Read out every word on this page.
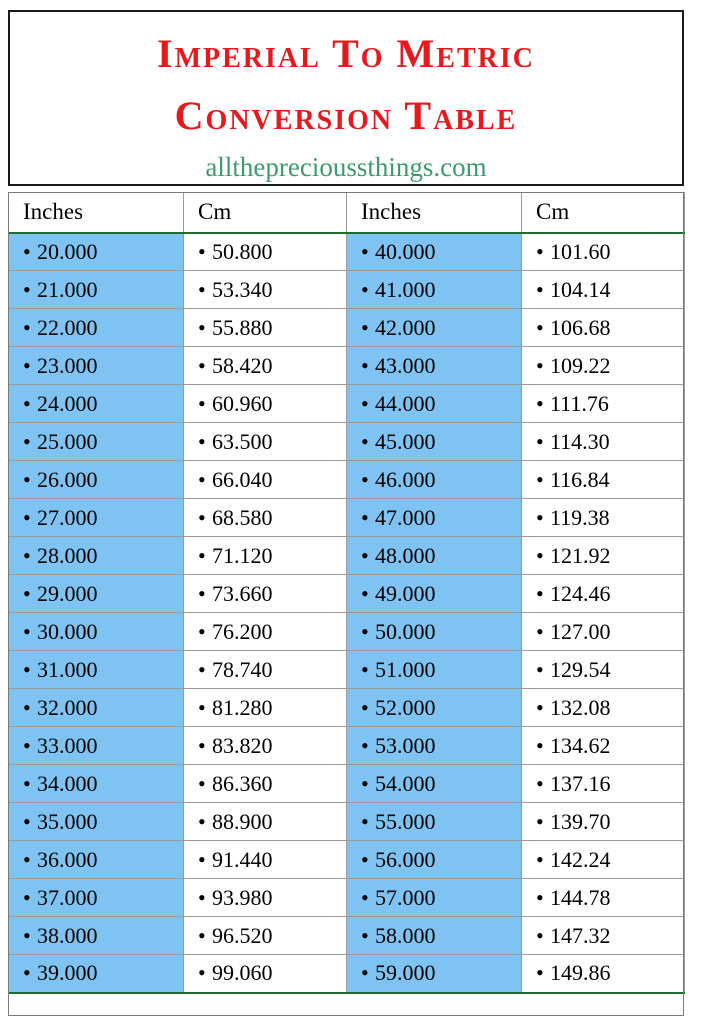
Imperial To Metric
Conversion Table
alltheprecioussthings.com
Inches	Cm	Inches	Cm
• 20.000	• 50.800	• 40.000	• 101.60
• 21.000	• 53.340	• 41.000	• 104.14
• 22.000	• 55.880	• 42.000	• 106.68
• 23.000	• 58.420	• 43.000	• 109.22
• 24.000	• 60.960	• 44.000	• 111.76
• 25.000	• 63.500	• 45.000	• 114.30
• 26.000	• 66.040	• 46.000	• 116.84
• 27.000	• 68.580	• 47.000	• 119.38
• 28.000	• 71.120	• 48.000	• 121.92
• 29.000	• 73.660	• 49.000	• 124.46
• 30.000	• 76.200	• 50.000	• 127.00
• 31.000	• 78.740	• 51.000	• 129.54
• 32.000	• 81.280	• 52.000	• 132.08
• 33.000	• 83.820	• 53.000	• 134.62
• 34.000	• 86.360	• 54.000	• 137.16
• 35.000	• 88.900	• 55.000	• 139.70
• 36.000	• 91.440	• 56.000	• 142.24
• 37.000	• 93.980	• 57.000	• 144.78
• 38.000	• 96.520	• 58.000	• 147.32
• 39.000	• 99.060	• 59.000	• 149.86
